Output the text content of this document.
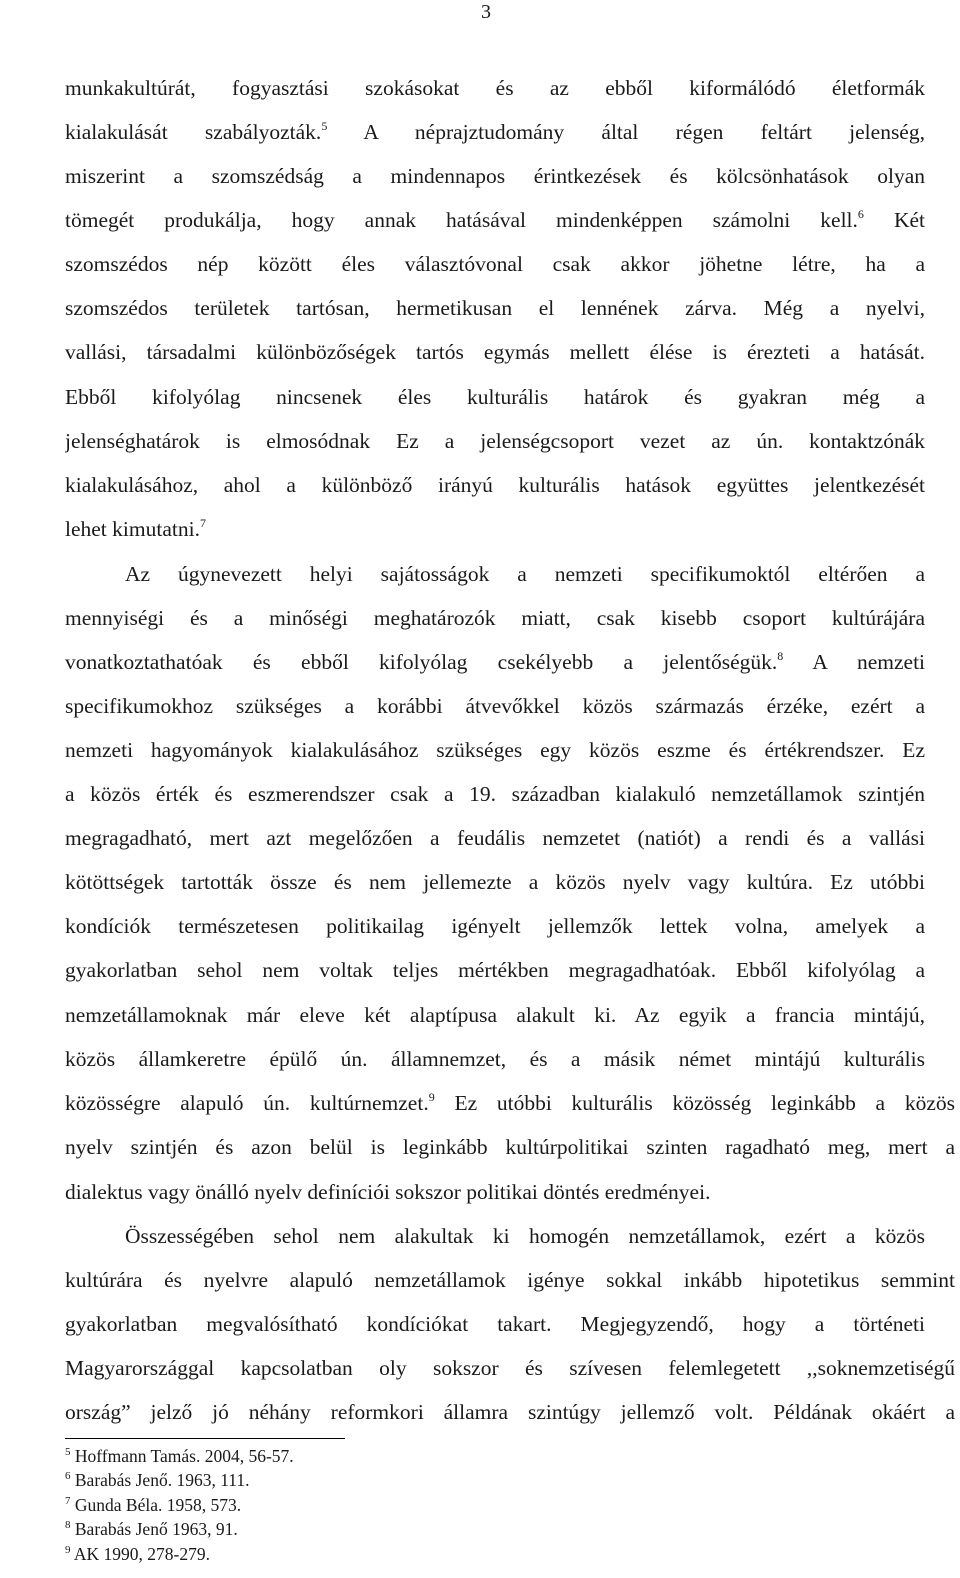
3
munkakultúrát, fogyasztási szokásokat és az ebből kiformálódó életformák
kialakulását szabályozták.$^5$ A néprajztudomány által régen feltárt jelenség,
miszerint a szomszédság a mindennapos érintkezések és kölcsönhatások olyan
tömegét produkálja, hogy annak hatásával mindenképpen számolni kell.$^6$ Két
szomszédos nép között éles választóvonal csak akkor jöhetne létre, ha a
szomszédos területek tartósan, hermetikusan el lennének zárva. Még a nyelvi,
vallási, társadalmi különbözőségek tartós egymás mellett élése is érezteti a hatását.
Ebből kifolyólag nincsenek éles kulturális határok és gyakran még a
jelenséghatárok is elmosódnak Ez a jelenségcsoport vezet az ún. kontaktzónák
kialakulásához, ahol a különböző irányú kulturális hatások együttes jelentkezését
lehet kimutatni.$^7$
Az úgynevezett helyi sajátosságok a nemzeti specifikumoktól eltérően a
mennyiségi és a minőségi meghatározók miatt, csak kisebb csoport kultúrájára
vonatkoztathatóak és ebből kifolyólag csekélyebb a jelentőségük.$^8$ A nemzeti
specifikumokhoz szükséges a korábbi átvevőkkel közös származás érzéke, ezért a
nemzeti hagyományok kialakulásához szükséges egy közös eszme és értékrendszer. Ez
a közös érték és eszmerendszer csak a 19. században kialakuló nemzetállamok szintjén
megragadható, mert azt megelőzően a feudális nemzetet (natiót) a rendi és a vallási
kötöttségek tartották össze és nem jellemezte a közös nyelv vagy kultúra. Ez utóbbi
kondíciók természetesen politikailag igényelt jellemzők lettek volna, amelyek a
gyakorlatban sehol nem voltak teljes mértékben megragadhatóak. Ebből kifolyólag a
nemzetállamoknak már eleve két alaptípusa alakult ki. Az egyik a francia mintájú,
közös államkeretre épülő ún. államnemzet, és a másik német mintájú kulturális
közösségre alapuló ún. kultúrnemzet.$^9$ Ez utóbbi kulturális közösség leginkább a közös
nyelv szintjén és azon belül is leginkább kultúrpolitikai szinten ragadható meg, mert a
dialektus vagy önálló nyelv definíciói sokszor politikai döntés eredményei.
Összességében sehol nem alakultak ki homogén nemzetállamok, ezért a közös
kultúrára és nyelvre alapuló nemzetállamok igénye sokkal inkább hipotetikus semmint
gyakorlatban megvalósítható kondíciókat takart. Megjegyzendő, hogy a történeti
Magyarországgal kapcsolatban oly sokszor és szívesen felemlegetett ,,soknemzetiségű
ország” jelző jó néhány reformkori államra szintúgy jellemző volt. Példának okáért a
$^5$ Hoffmann Tamás. 2004, 56-57.
$^6$ Barabás Jenő. 1963, 111.
$^7$ Gunda Béla. 1958, 573.
$^8$ Barabás Jenő 1963, 91.
$^9$ AK 1990, 278-279.
